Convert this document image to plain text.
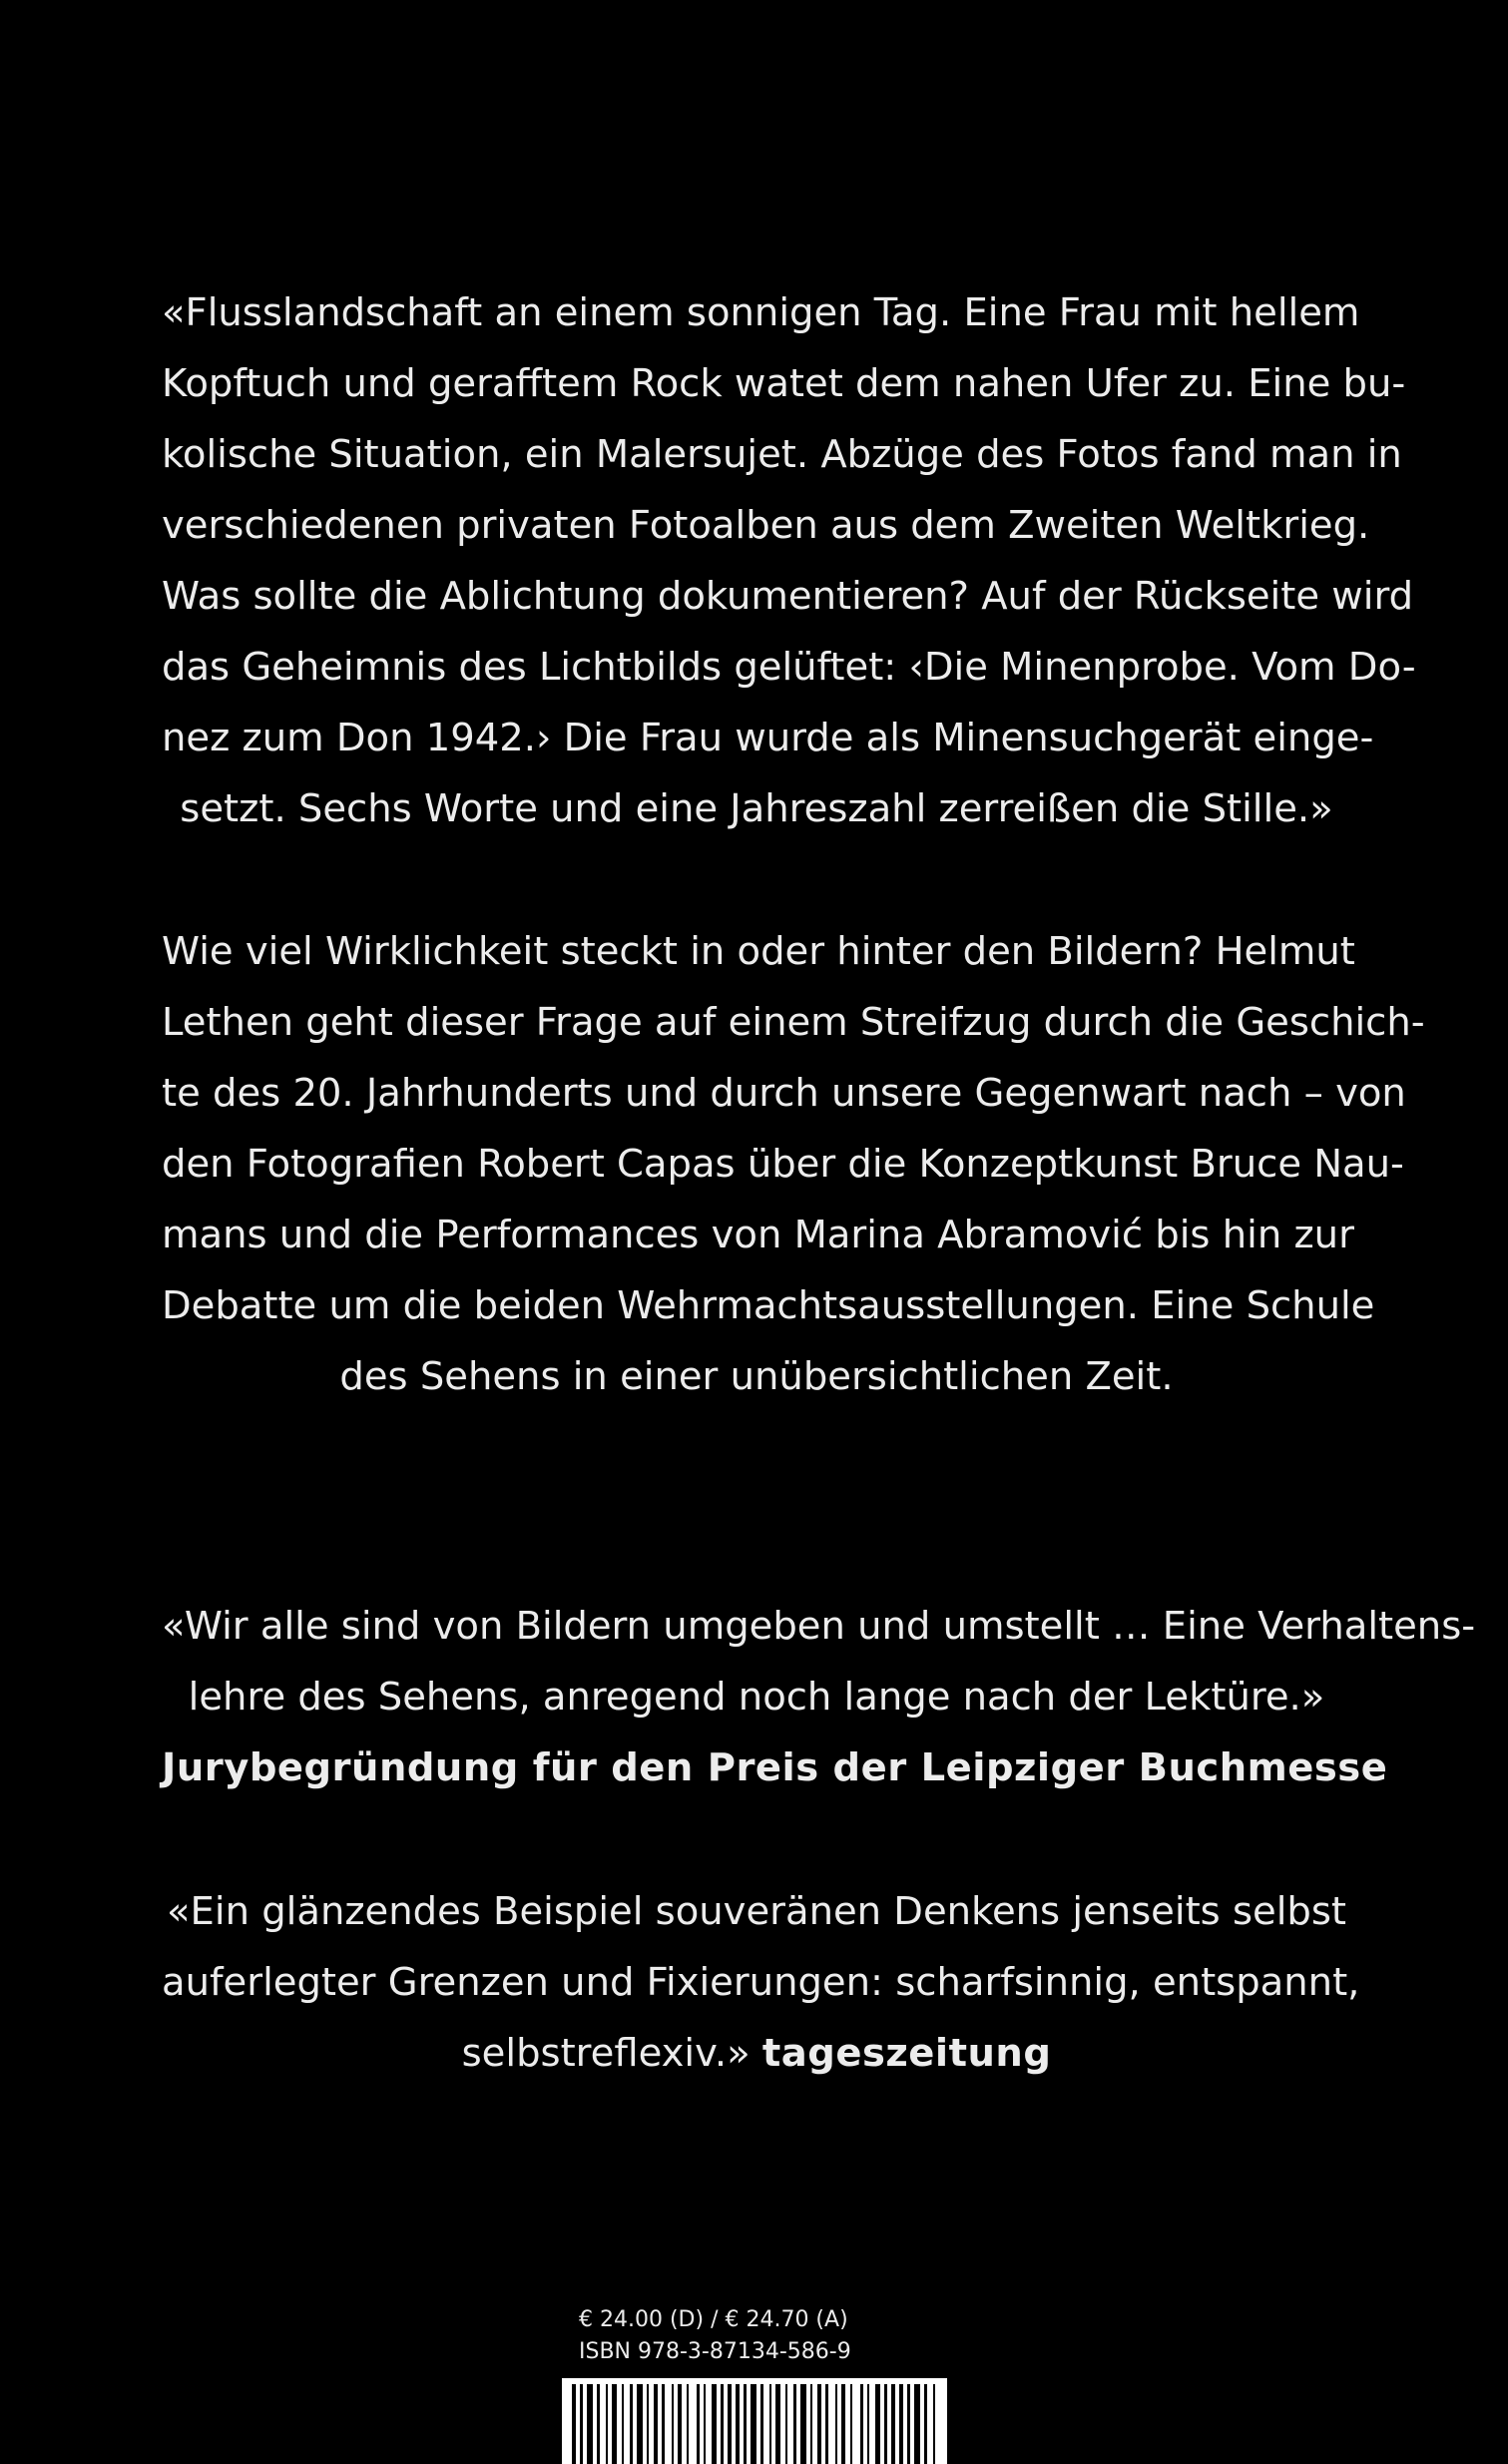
«Flusslandschaft an einem sonnigen Tag. Eine Frau mit hellem
Kopftuch und gerafftem Rock watet dem nahen Ufer zu. Eine bu-
kolische Situation, ein Malersujet. Abzüge des Fotos fand man in
verschiedenen privaten Fotoalben aus dem Zweiten Weltkrieg.
Was sollte die Ablichtung dokumentieren? Auf der Rückseite wird
das Geheimnis des Lichtbilds gelüftet: ‹Die Minenprobe. Vom Do-
nez zum Don 1942.› Die Frau wurde als Minensuchgerät einge-
setzt. Sechs Worte und eine Jahreszahl zerreißen die Stille.»
Wie viel Wirklichkeit steckt in oder hinter den Bildern? Helmut
Lethen geht dieser Frage auf einem Streifzug durch die Geschich-
te des 20. Jahrhunderts und durch unsere Gegenwart nach – von
den Fotografien Robert Capas über die Konzeptkunst Bruce Nau-
mans und die Performances von Marina Abramović bis hin zur
Debatte um die beiden Wehrmachtsausstellungen. Eine Schule
des Sehens in einer unübersichtlichen Zeit.
«Wir alle sind von Bildern umgeben und umstellt … Eine Verhaltens-
lehre des Sehens, anregend noch lange nach der Lektüre.»
Jurybegründung für den Preis der Leipziger Buchmesse
«Ein glänzendes Beispiel souveränen Denkens jenseits selbst
auferlegter Grenzen und Fixierungen: scharfsinnig, entspannt,
selbstreflexiv.» tageszeitung
€ 24.00 (D) / € 24.70 (A)
ISBN 978-3-87134-586-9
